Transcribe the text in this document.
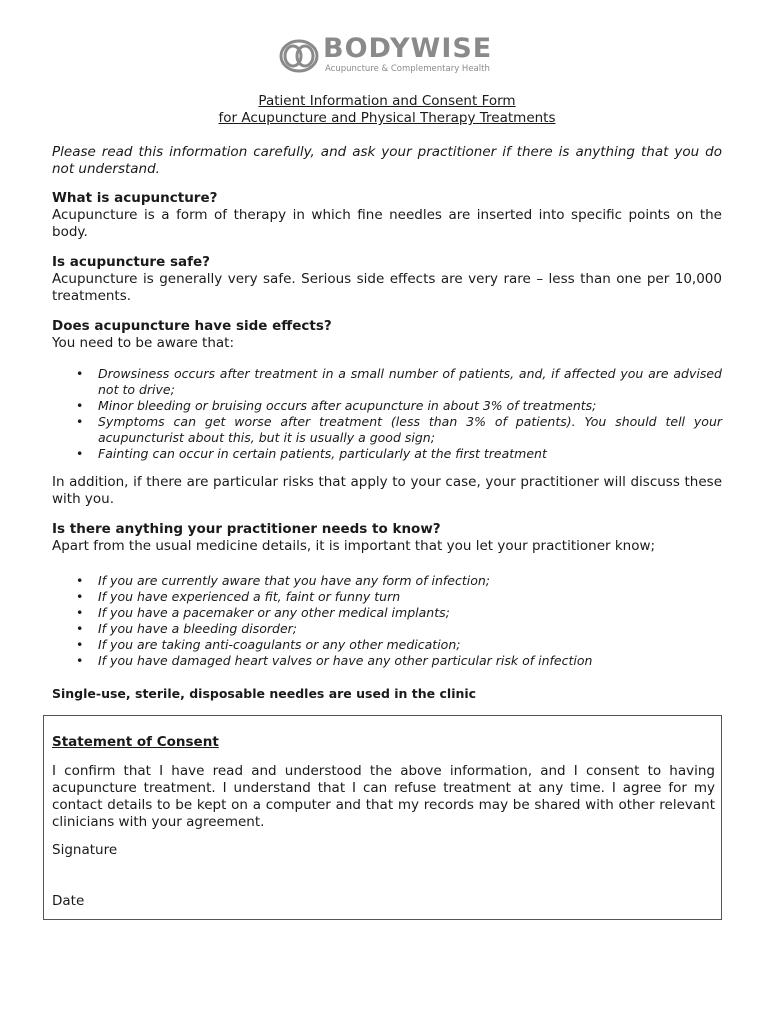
BODYWISE
Acupuncture & Complementary Health
Patient Information and Consent Form
for Acupuncture and Physical Therapy Treatments
Please read this information carefully, and ask your practitioner if there is anything that you do not understand.
What is acupuncture?
Acupuncture is a form of therapy in which fine needles are inserted into specific points on the body.
Is acupuncture safe?
Acupuncture is generally very safe. Serious side effects are very rare – less than one per 10,000 treatments.
Does acupuncture have side effects?
You need to be aware that:
• Drowsiness occurs after treatment in a small number of patients, and, if affected you are advised not to drive;
• Minor bleeding or bruising occurs after acupuncture in about 3% of treatments;
• Symptoms can get worse after treatment (less than 3% of patients). You should tell your acupuncturist about this, but it is usually a good sign;
• Fainting can occur in certain patients, particularly at the first treatment
In addition, if there are particular risks that apply to your case, your practitioner will discuss these with you.
Is there anything your practitioner needs to know?
Apart from the usual medicine details, it is important that you let your practitioner know;
• If you are currently aware that you have any form of infection;
• If you have experienced a fit, faint or funny turn
• If you have a pacemaker or any other medical implants;
• If you have a bleeding disorder;
• If you are taking anti-coagulants or any other medication;
• If you have damaged heart valves or have any other particular risk of infection
Single-use, sterile, disposable needles are used in the clinic
Statement of Consent
I confirm that I have read and understood the above information, and I consent to having acupuncture treatment. I understand that I can refuse treatment at any time. I agree for my contact details to be kept on a computer and that my records may be shared with other relevant clinicians with your agreement.
Signature
Date
